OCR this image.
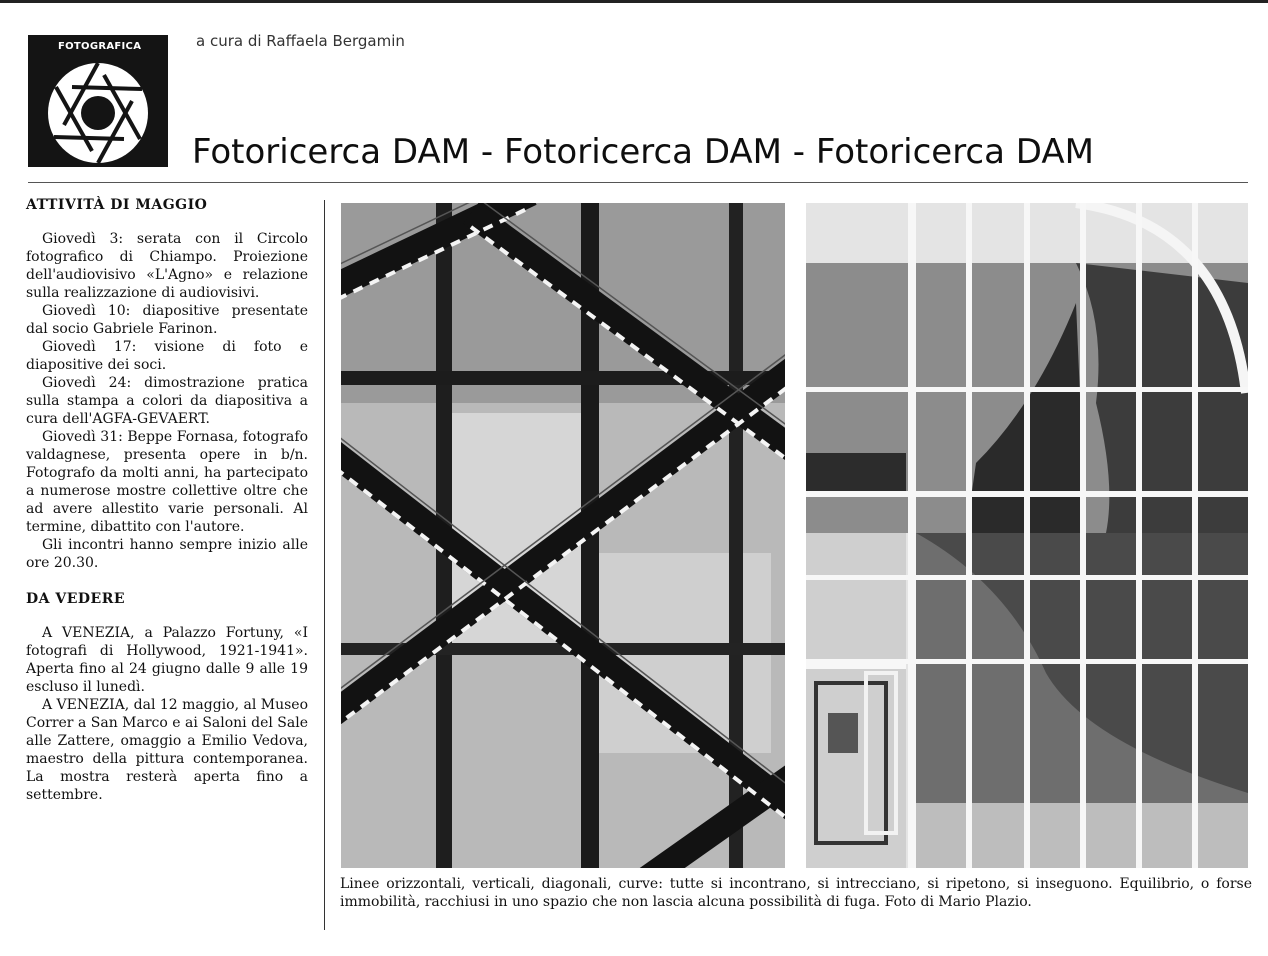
FOTOGRAFICA	a cura di Raffaela Bergamin
Fotoricerca DAM - Fotoricerca DAM - Fotoricerca DAM
ATTIVITÀ DI MAGGIO

Giovedì 3: serata con il Circolo fotografico di Chiampo. Proiezione dell'audiovisivo «L'Agno» e relazione sulla realizzazione di audiovisivi.

Giovedì 10: diapositive presentate dal socio Gabriele Farinon.

Giovedì 17: visione di foto e diapositive dei soci.

Giovedì 24: dimostrazione pratica sulla stampa a colori da diapositiva a cura dell'AGFA-GEVAERT.

Giovedì 31: Beppe Fornasa, fotografo valdagnese, presenta opere in b/n. Fotografo da molti anni, ha partecipato a numerose mostre collettive oltre che ad avere allestito varie personali. Al termine, dibattito con l'autore.

Gli incontri hanno sempre inizio alle ore 20.30.

DA VEDERE

A VENEZIA, a Palazzo Fortuny, «I fotografi di Hollywood, 1921-1941». Aperta fino al 24 giugno dalle 9 alle 19 escluso il lunedì.

A VENEZIA, dal 12 maggio, al Museo Correr a San Marco e ai Saloni del Sale alle Zattere, omaggio a Emilio Vedova, maestro della pittura contemporanea. La mostra resterà aperta fino a settembre.

Linee orizzontali, verticali, diagonali, curve: tutte si incontrano, si intrecciano, si ripetono, si inseguono. Equilibrio, o forse immobilità, racchiusi in uno spazio che non lascia alcuna possibilità di fuga. Foto di Mario Plazio.
